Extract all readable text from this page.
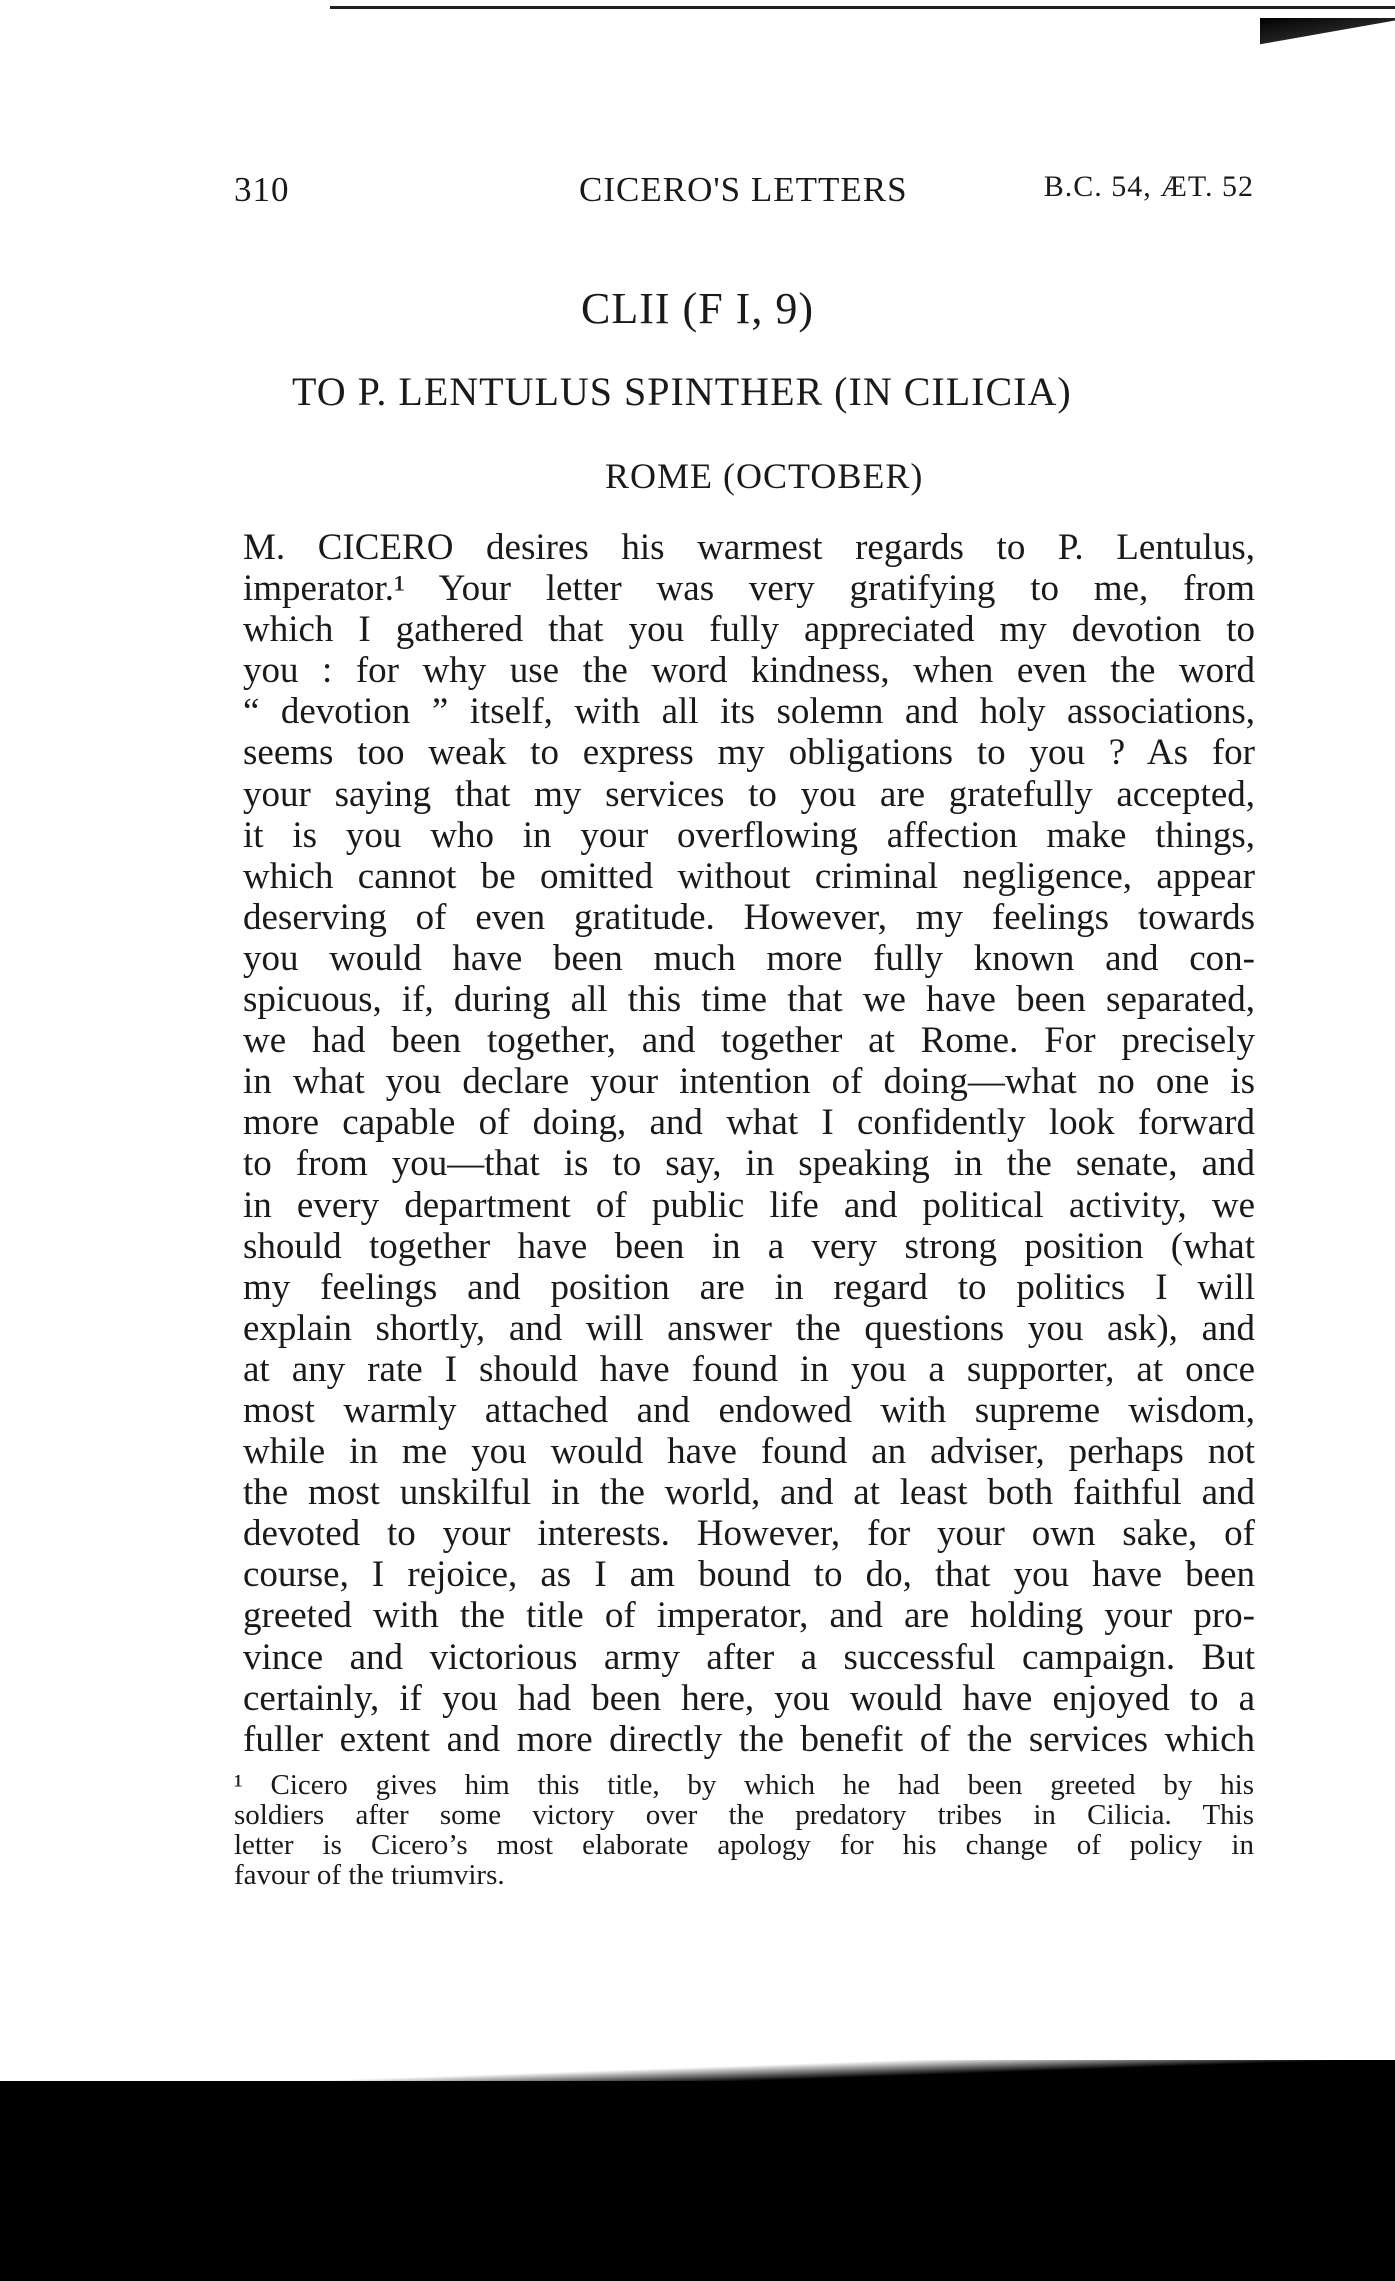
310	CICERO'S LETTERS	B.C. 54, ÆT. 52
CLII (F I, 9)
TO P. LENTULUS SPINTHER (IN CILICIA)
ROME (OCTOBER)
M. CICERO desires his warmest regards to P. Lentulus,
imperator.¹ Your letter was very gratifying to me, from
which I gathered that you fully appreciated my devotion to
you : for why use the word kindness, when even the word
“ devotion ” itself, with all its solemn and holy associations,
seems too weak to express my obligations to you ? As for
your saying that my services to you are gratefully accepted,
it is you who in your overflowing affection make things,
which cannot be omitted without criminal negligence, appear
deserving of even gratitude. However, my feelings towards
you would have been much more fully known and con-
spicuous, if, during all this time that we have been separated,
we had been together, and together at Rome. For precisely
in what you declare your intention of doing—what no one is
more capable of doing, and what I confidently look forward
to from you—that is to say, in speaking in the senate, and
in every department of public life and political activity, we
should together have been in a very strong position (what
my feelings and position are in regard to politics I will
explain shortly, and will answer the questions you ask), and
at any rate I should have found in you a supporter, at once
most warmly attached and endowed with supreme wisdom,
while in me you would have found an adviser, perhaps not
the most unskilful in the world, and at least both faithful and
devoted to your interests. However, for your own sake, of
course, I rejoice, as I am bound to do, that you have been
greeted with the title of imperator, and are holding your pro-
vince and victorious army after a successful campaign. But
certainly, if you had been here, you would have enjoyed to a
fuller extent and more directly the benefit of the services which
¹ Cicero gives him this title, by which he had been greeted by his
soldiers after some victory over the predatory tribes in Cilicia. This
letter is Cicero’s most elaborate apology for his change of policy in
favour of the triumvirs.
